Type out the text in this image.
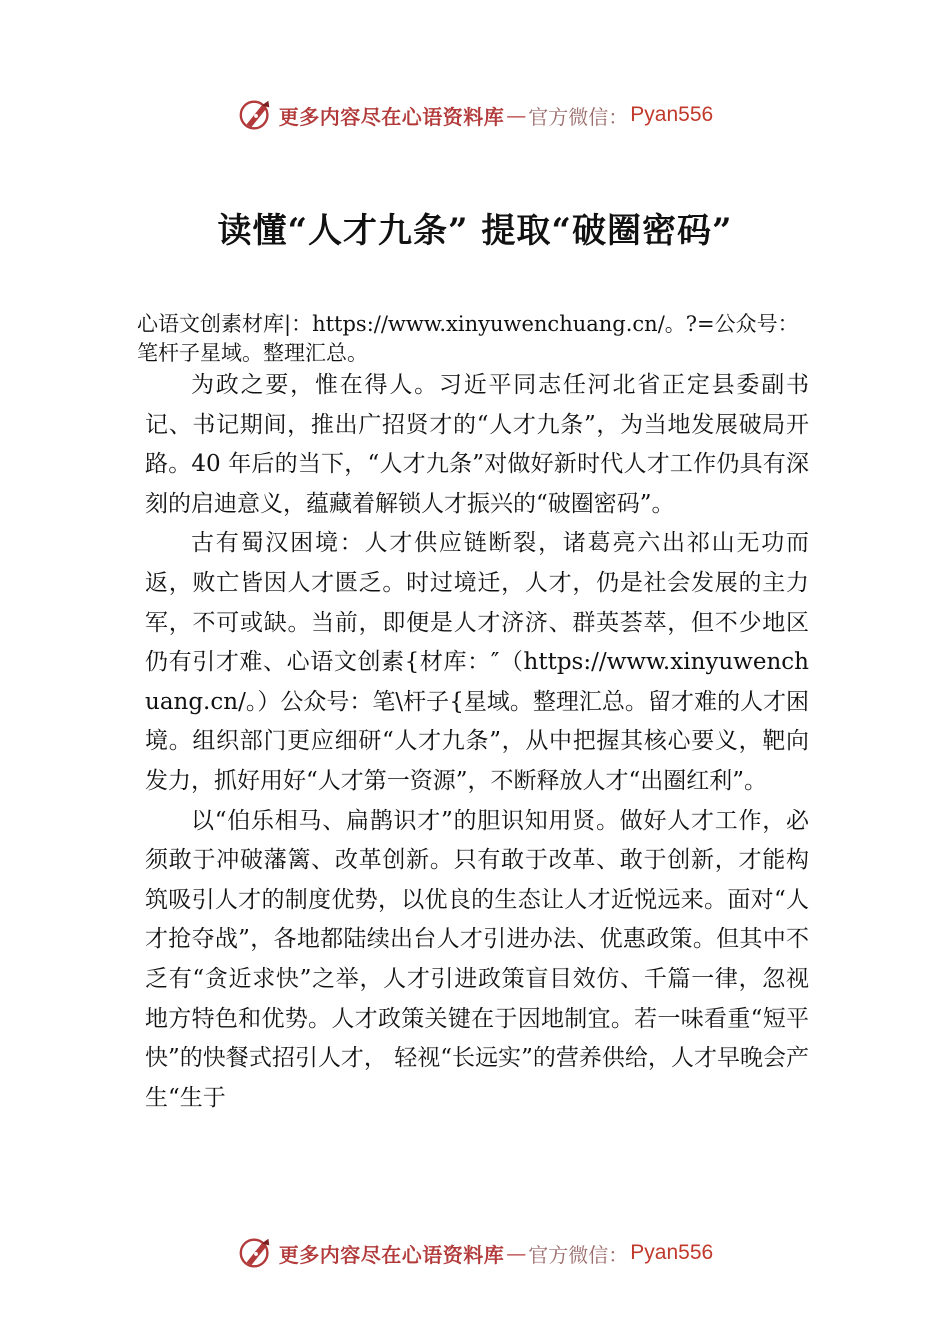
更多内容尽在心语资料库 — 官方微信： Pyan556
读懂“人才九条” 提取“破圈密码”
心语文创素材库|：https://www.xinyuwenchuang.cn/。?=公众号：笔杆子星域。整理汇总。

为政之要，惟在得人。习近平同志任河北省正定县委副书记、书记期间，推出广招贤才的“人才九条”，为当地发展破局开路。40 年后的当下，“人才九条”对做好新时代人才工作仍具有深刻的启迪意义，蕴藏着解锁人才振兴的“破圈密码”。

古有蜀汉困境：人才供应链断裂，诸葛亮六出祁山无功而返，败亡皆因人才匮乏。时过境迁，人才，仍是社会发展的主力军，不可或缺。当前，即便是人才济济、群英荟萃，但不少地区仍有引才难、心语文创素{材库：″（https://www.xinyuwenchuang.cn/。）公众号：笔\杆子{星域。整理汇总。留才难的人才困境。组织部门更应细研“人才九条”，从中把握其核心要义，靶向发力，抓好用好“人才第一资源”，不断释放人才“出圈红利”。

以“伯乐相马、扁鹊识才”的胆识知用贤。做好人才工作，必须敢于冲破藩篱、改革创新。只有敢于改革、敢于创新，才能构筑吸引人才的制度优势，以优良的生态让人才近悦远来。面对“人才抢夺战”，各地都陆续出台人才引进办法、优惠政策。但其中不乏有“贪近求快”之举，人才引进政策盲目效仿、千篇一律，忽视地方特色和优势。人才政策关键在于因地制宜。若一味看重“短平快”的快餐式招引人才， 轻视“长远实”的营养供给，人才早晚会产生“生于

更多内容尽在心语资料库 — 官方微信： Pyan556
